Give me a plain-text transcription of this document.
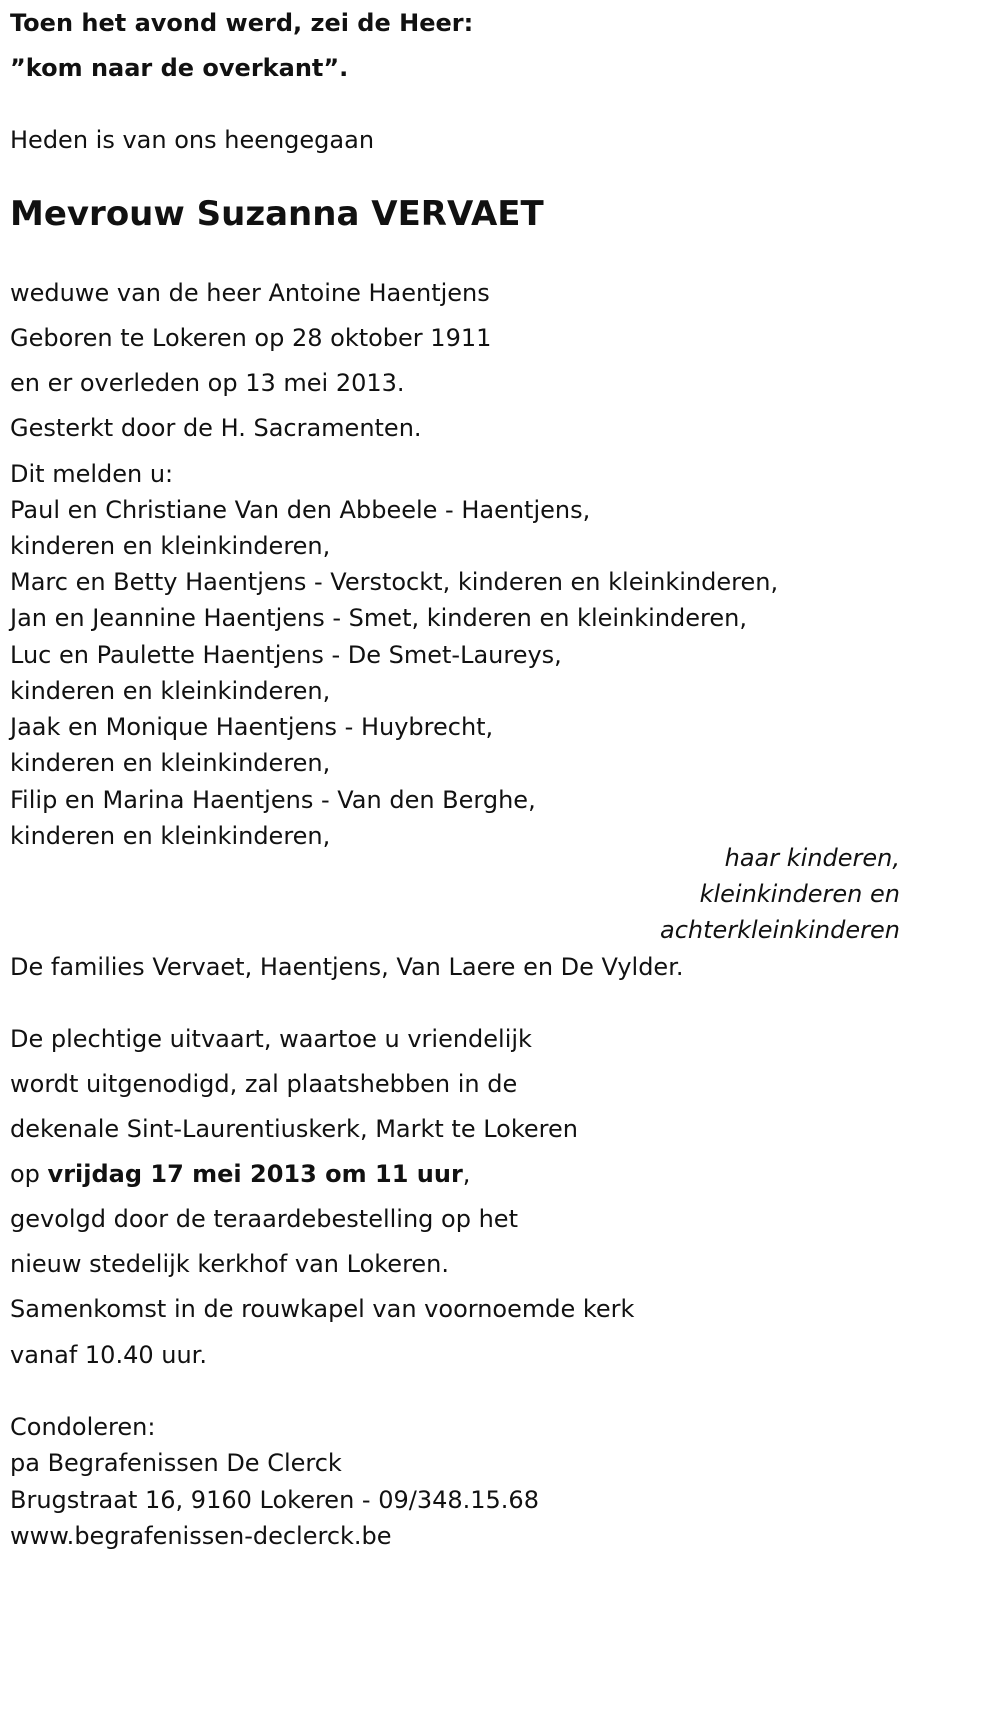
Toen het avond werd, zei de Heer:
”kom naar de overkant”.
Heden is van ons heengegaan
Mevrouw Suzanna VERVAET
weduwe van de heer Antoine Haentjens
Geboren te Lokeren op 28 oktober 1911
en er overleden op 13 mei 2013.
Gesterkt door de H. Sacramenten.
Dit melden u:
Paul en Christiane Van den Abbeele - Haentjens,
kinderen en kleinkinderen,
Marc en Betty Haentjens - Verstockt, kinderen en kleinkinderen,
Jan en Jeannine Haentjens - Smet, kinderen en kleinkinderen,
Luc en Paulette Haentjens - De Smet-Laureys,
kinderen en kleinkinderen,
Jaak en Monique Haentjens - Huybrecht,
kinderen en kleinkinderen,
Filip en Marina Haentjens - Van den Berghe,
kinderen en kleinkinderen,
haar kinderen,
kleinkinderen en
achterkleinkinderen
De families Vervaet, Haentjens, Van Laere en De Vylder.
De plechtige uitvaart, waartoe u vriendelijk
wordt uitgenodigd, zal plaatshebben in de
dekenale Sint-Laurentiuskerk, Markt te Lokeren
op vrijdag 17 mei 2013 om 11 uur,
gevolgd door de teraardebestelling op het
nieuw stedelijk kerkhof van Lokeren.
Samenkomst in de rouwkapel van voornoemde kerk
vanaf 10.40 uur.
Condoleren:
pa Begrafenissen De Clerck
Brugstraat 16, 9160 Lokeren - 09/348.15.68
www.begrafenissen-declerck.be
